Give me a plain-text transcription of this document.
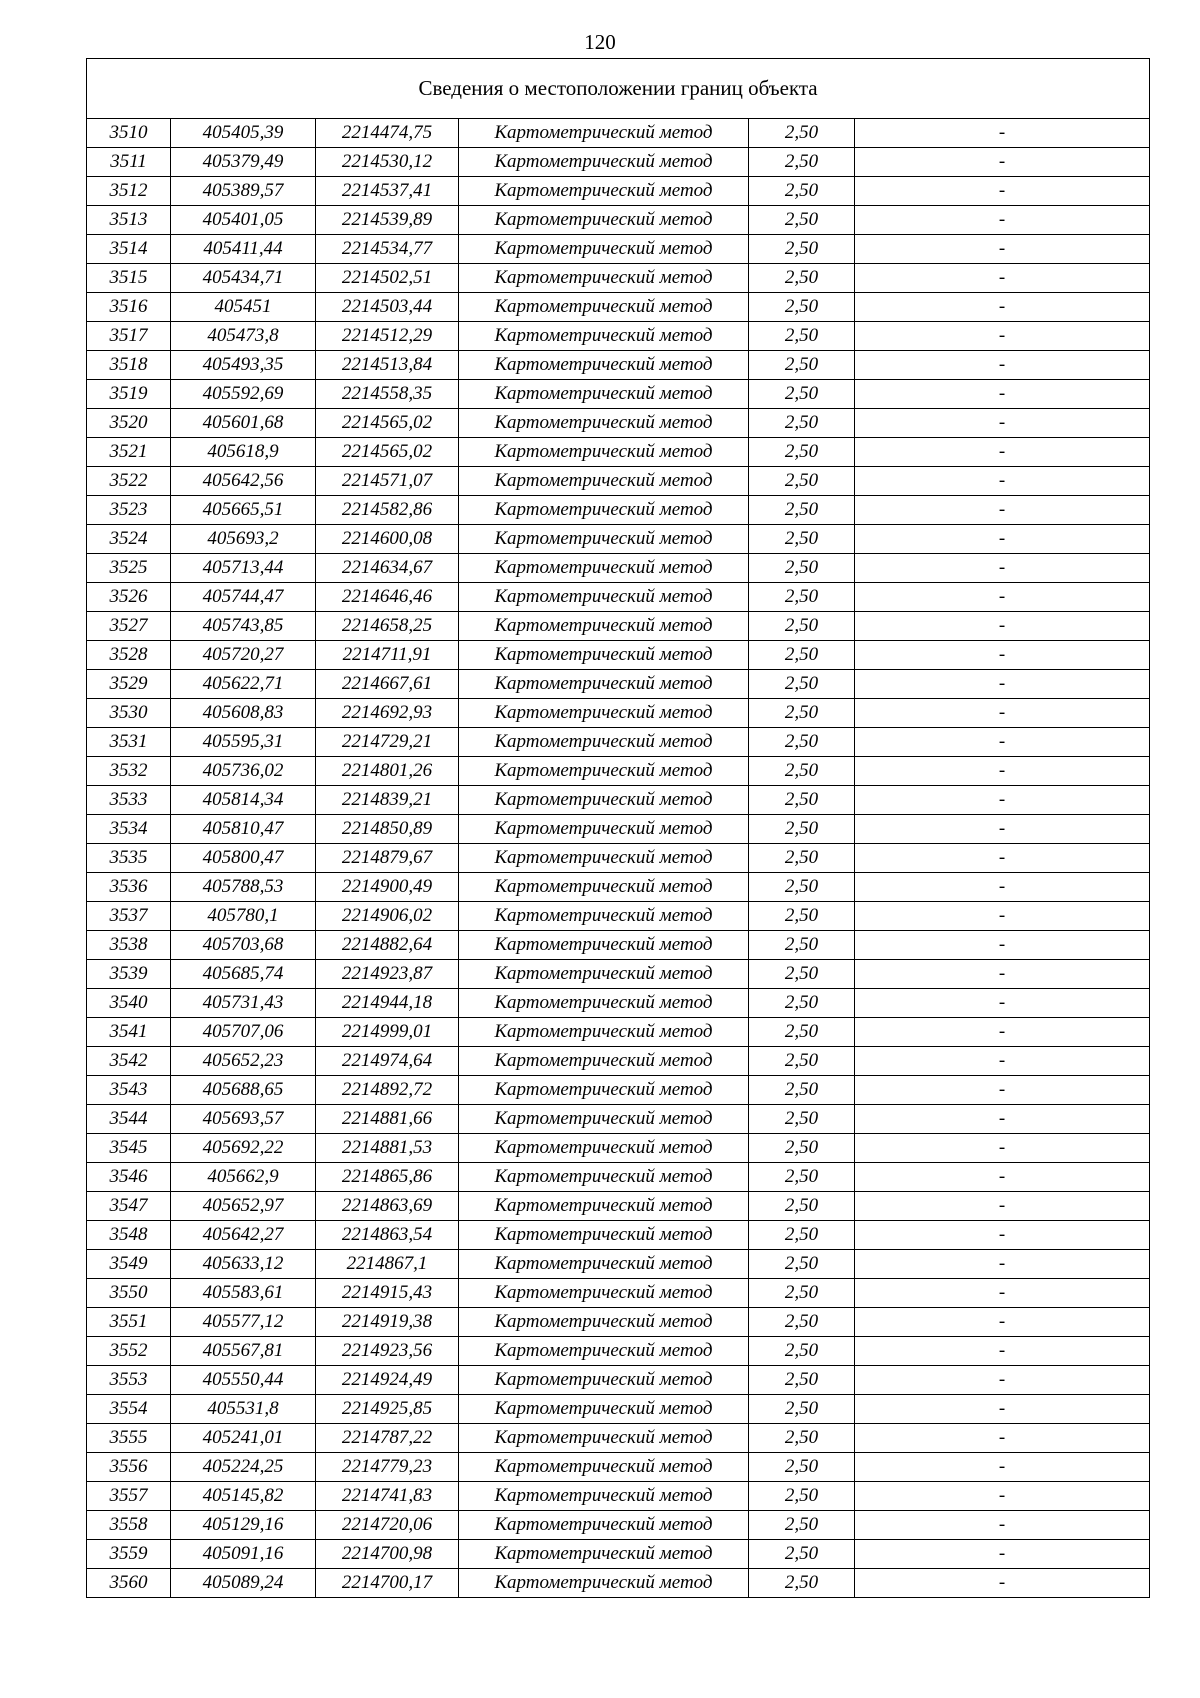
120
Сведения о местоположении границ объекта					
3510	405405,39	2214474,75	Картометрический метод	2,50	-
3511	405379,49	2214530,12	Картометрический метод	2,50	-
3512	405389,57	2214537,41	Картометрический метод	2,50	-
3513	405401,05	2214539,89	Картометрический метод	2,50	-
3514	405411,44	2214534,77	Картометрический метод	2,50	-
3515	405434,71	2214502,51	Картометрический метод	2,50	-
3516	405451	2214503,44	Картометрический метод	2,50	-
3517	405473,8	2214512,29	Картометрический метод	2,50	-
3518	405493,35	2214513,84	Картометрический метод	2,50	-
3519	405592,69	2214558,35	Картометрический метод	2,50	-
3520	405601,68	2214565,02	Картометрический метод	2,50	-
3521	405618,9	2214565,02	Картометрический метод	2,50	-
3522	405642,56	2214571,07	Картометрический метод	2,50	-
3523	405665,51	2214582,86	Картометрический метод	2,50	-
3524	405693,2	2214600,08	Картометрический метод	2,50	-
3525	405713,44	2214634,67	Картометрический метод	2,50	-
3526	405744,47	2214646,46	Картометрический метод	2,50	-
3527	405743,85	2214658,25	Картометрический метод	2,50	-
3528	405720,27	2214711,91	Картометрический метод	2,50	-
3529	405622,71	2214667,61	Картометрический метод	2,50	-
3530	405608,83	2214692,93	Картометрический метод	2,50	-
3531	405595,31	2214729,21	Картометрический метод	2,50	-
3532	405736,02	2214801,26	Картометрический метод	2,50	-
3533	405814,34	2214839,21	Картометрический метод	2,50	-
3534	405810,47	2214850,89	Картометрический метод	2,50	-
3535	405800,47	2214879,67	Картометрический метод	2,50	-
3536	405788,53	2214900,49	Картометрический метод	2,50	-
3537	405780,1	2214906,02	Картометрический метод	2,50	-
3538	405703,68	2214882,64	Картометрический метод	2,50	-
3539	405685,74	2214923,87	Картометрический метод	2,50	-
3540	405731,43	2214944,18	Картометрический метод	2,50	-
3541	405707,06	2214999,01	Картометрический метод	2,50	-
3542	405652,23	2214974,64	Картометрический метод	2,50	-
3543	405688,65	2214892,72	Картометрический метод	2,50	-
3544	405693,57	2214881,66	Картометрический метод	2,50	-
3545	405692,22	2214881,53	Картометрический метод	2,50	-
3546	405662,9	2214865,86	Картометрический метод	2,50	-
3547	405652,97	2214863,69	Картометрический метод	2,50	-
3548	405642,27	2214863,54	Картометрический метод	2,50	-
3549	405633,12	2214867,1	Картометрический метод	2,50	-
3550	405583,61	2214915,43	Картометрический метод	2,50	-
3551	405577,12	2214919,38	Картометрический метод	2,50	-
3552	405567,81	2214923,56	Картометрический метод	2,50	-
3553	405550,44	2214924,49	Картометрический метод	2,50	-
3554	405531,8	2214925,85	Картометрический метод	2,50	-
3555	405241,01	2214787,22	Картометрический метод	2,50	-
3556	405224,25	2214779,23	Картометрический метод	2,50	-
3557	405145,82	2214741,83	Картометрический метод	2,50	-
3558	405129,16	2214720,06	Картометрический метод	2,50	-
3559	405091,16	2214700,98	Картометрический метод	2,50	-
3560	405089,24	2214700,17	Картометрический метод	2,50	-
